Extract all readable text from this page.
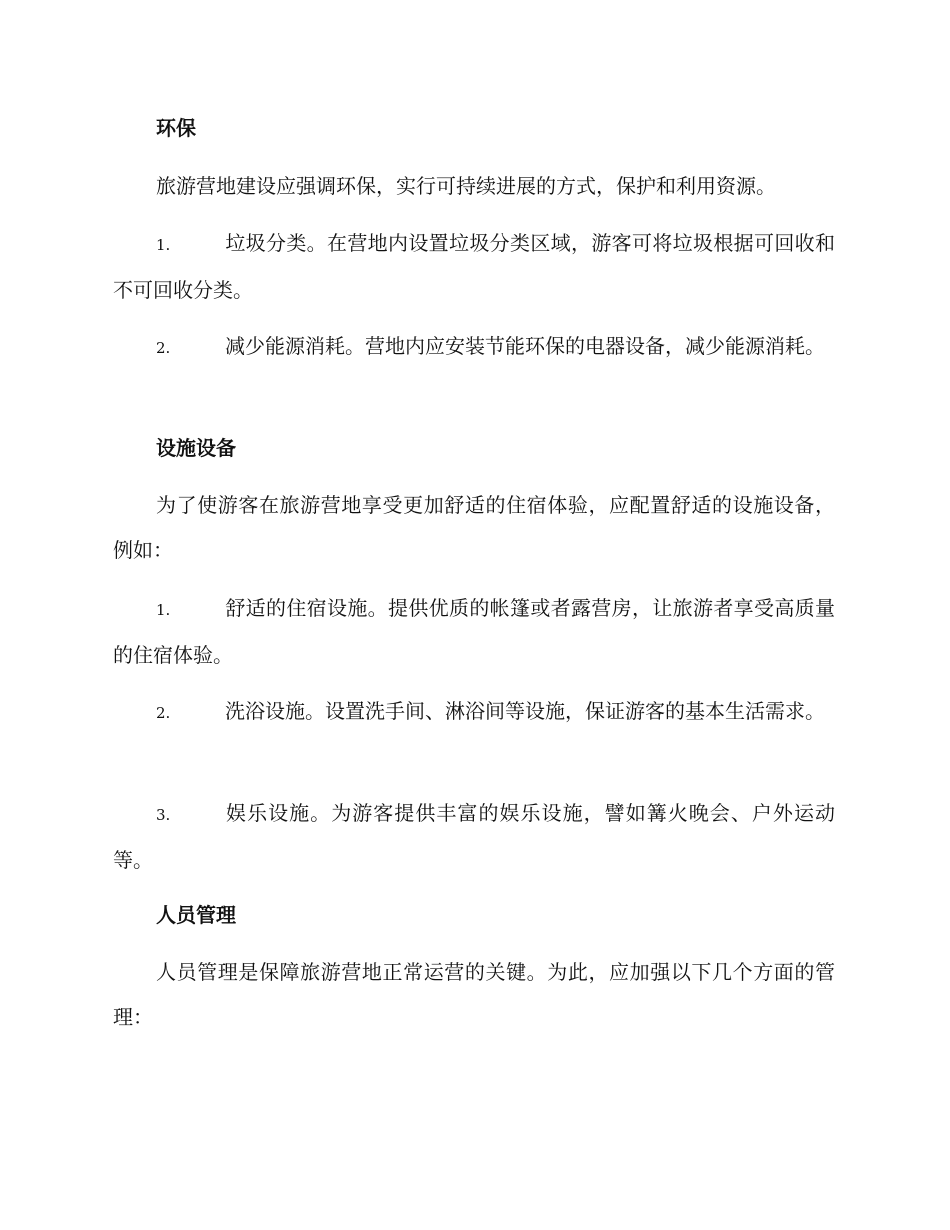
环保
旅游营地建设应强调环保，实行可持续进展的方式，保护和利用资源。
1.	垃圾分类。在营地内设置垃圾分类区域，游客可将垃圾根据可回收和不可回收分类。
2.	减少能源消耗。营地内应安装节能环保的电器设备，减少能源消耗。
设施设备
为了使游客在旅游营地享受更加舒适的住宿体验，应配置舒适的设施设备，例如：
1.	舒适的住宿设施。提供优质的帐篷或者露营房，让旅游者享受高质量的住宿体验。
2.	洗浴设施。设置洗手间、淋浴间等设施，保证游客的基本生活需求。
3.	娱乐设施。为游客提供丰富的娱乐设施，譬如篝火晚会、户外运动等。
人员管理
人员管理是保障旅游营地正常运营的关键。为此，应加强以下几个方面的管理：
